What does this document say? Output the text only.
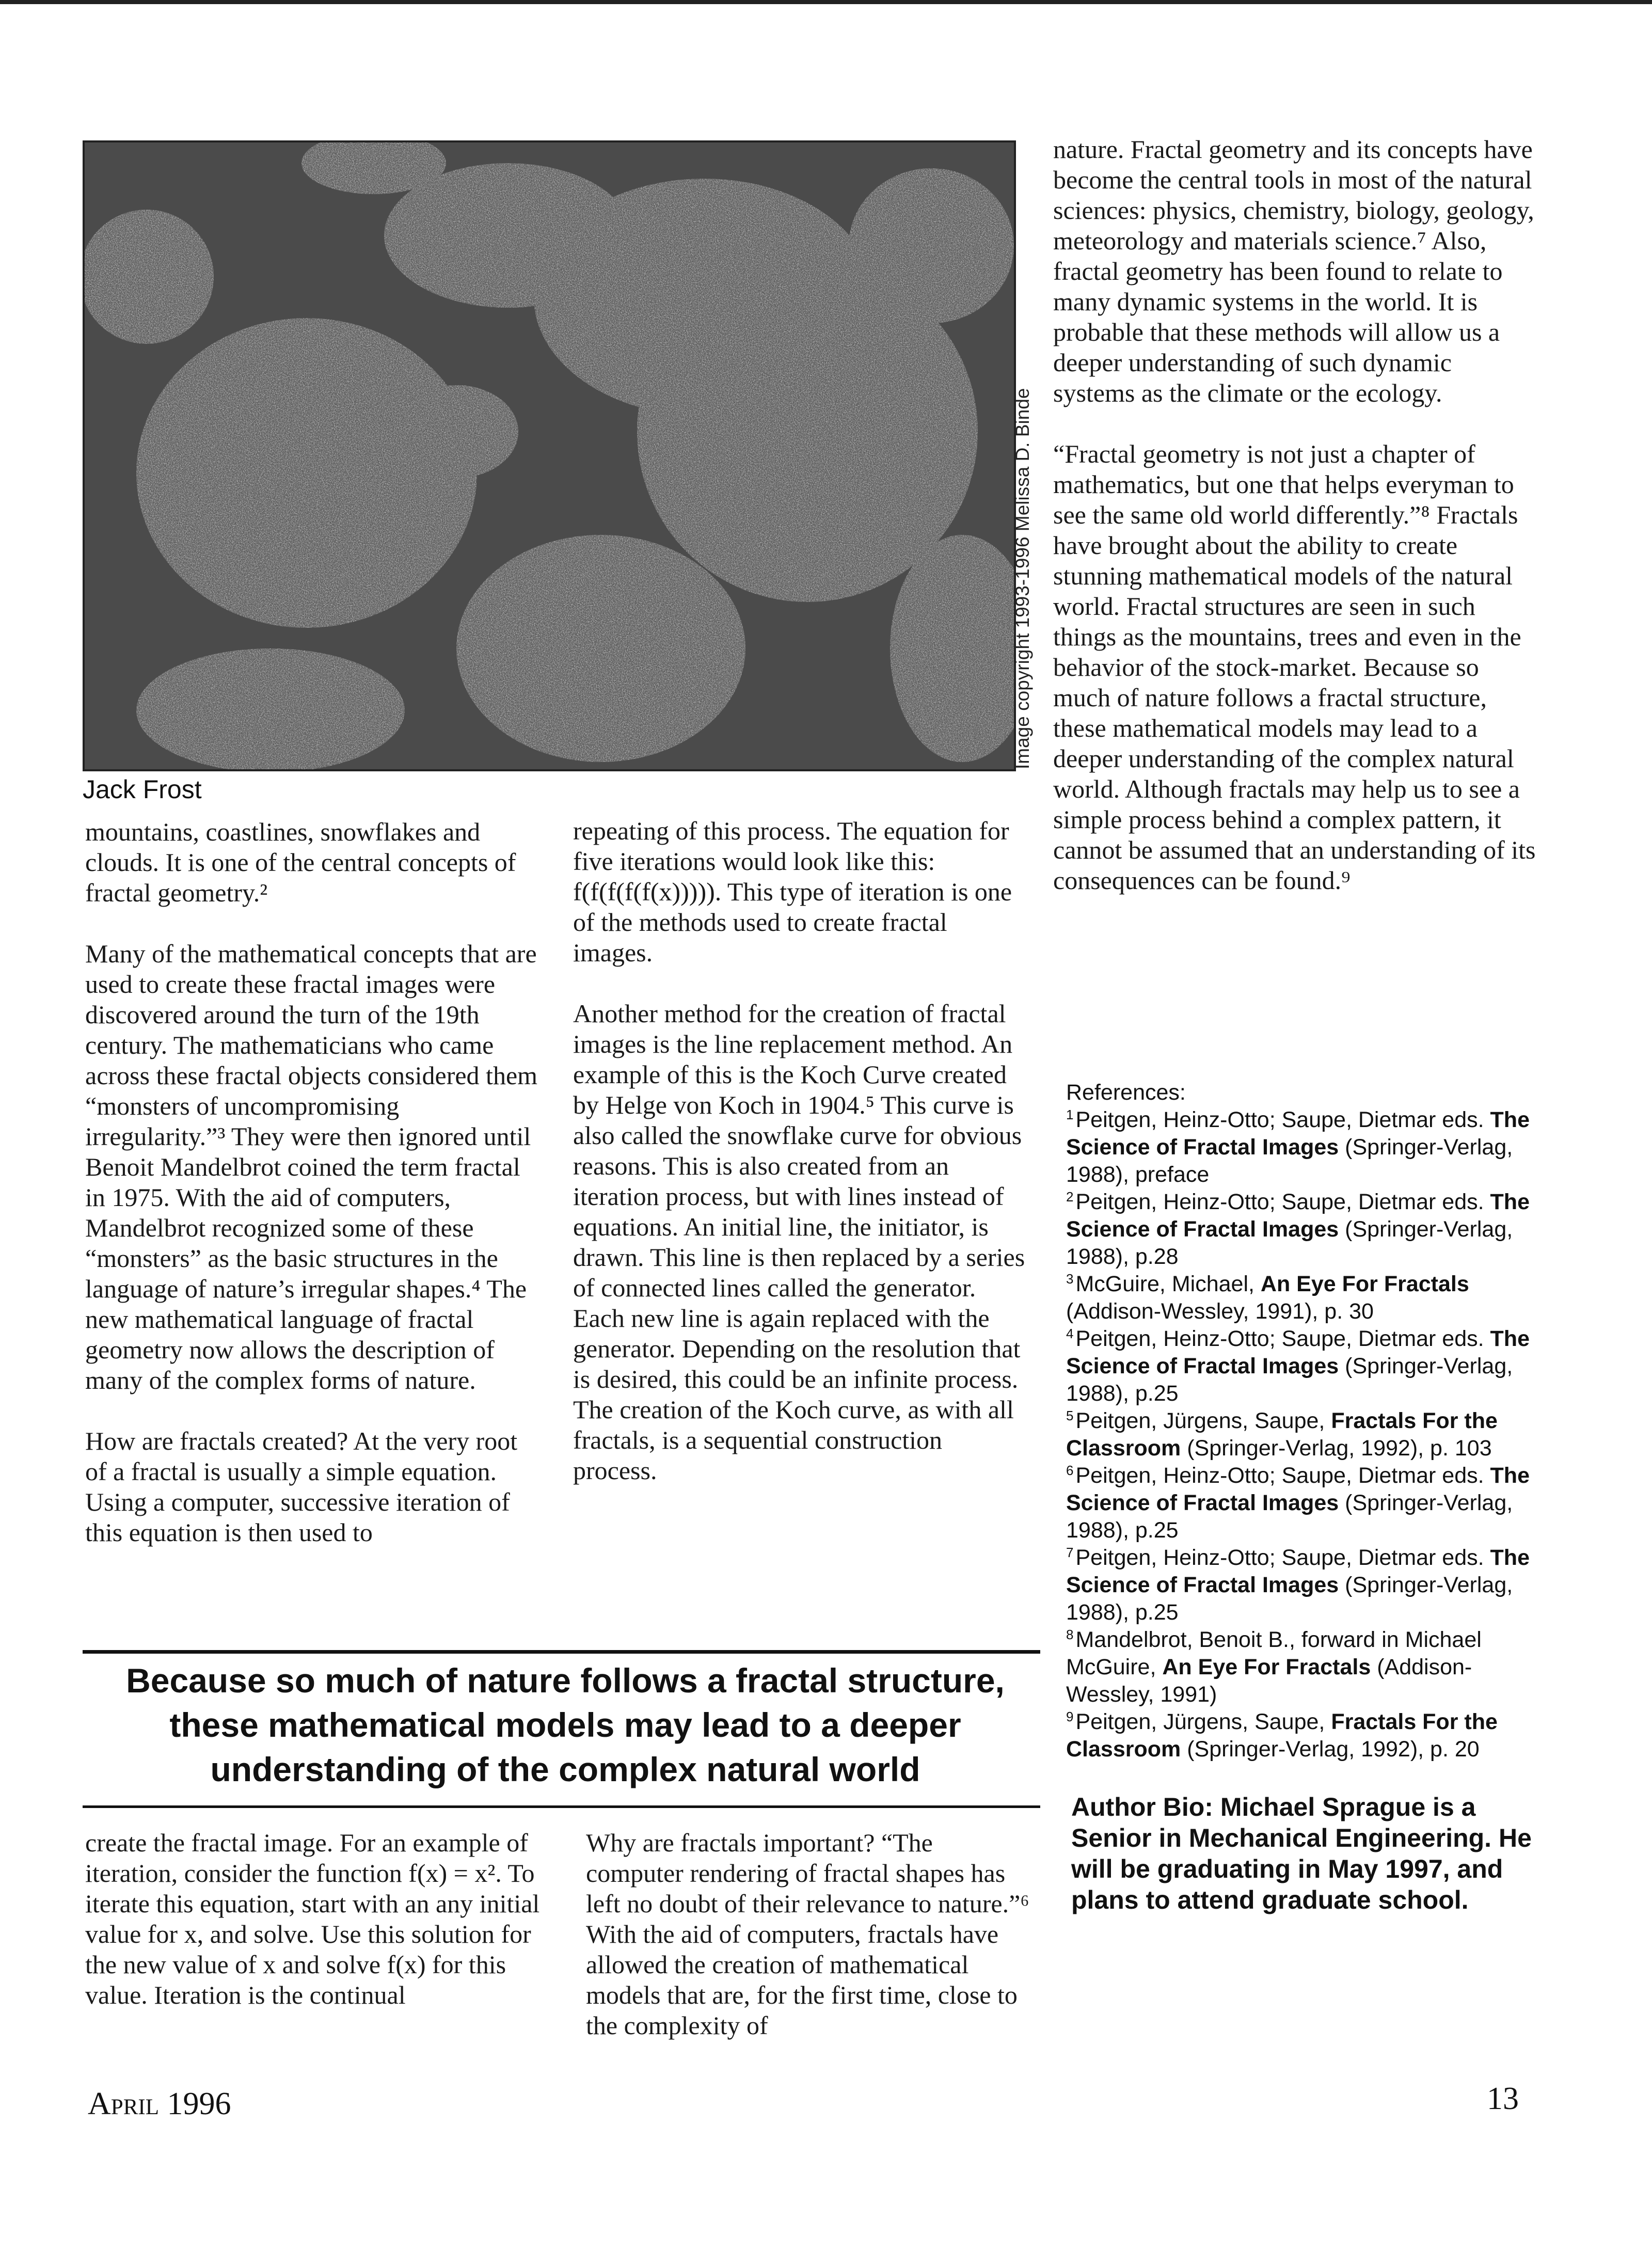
Image copyright 1993-1996 Melissa D. Binde
Jack Frost

mountains, coastlines, snowflakes and clouds. It is one of the central concepts of fractal geometry.²

Many of the mathematical concepts that are used to create these fractal images were discovered around the turn of the 19th century. The mathematicians who came across these fractal objects considered them “monsters of uncompromising irregularity.”³ They were then ignored until Benoit Mandelbrot coined the term fractal in 1975. With the aid of computers, Mandelbrot recognized some of these “monsters” as the basic structures in the language of nature’s irregular shapes.⁴ The new mathematical language of fractal geometry now allows the description of many of the complex forms of nature.

How are fractals created? At the very root of a fractal is usually a simple equation. Using a computer, successive iteration of this equation is then used to

repeating of this process. The equation for five iterations would look like this: f(f(f(f(f(x))))). This type of iteration is one of the methods used to create fractal images.

Another method for the creation of fractal images is the line replacement method. An example of this is the Koch Curve created by Helge von Koch in 1904.⁵ This curve is also called the snowflake curve for obvious reasons. This is also created from an iteration process, but with lines instead of equations. An initial line, the initiator, is drawn. This line is then replaced by a series of connected lines called the generator. Each new line is again replaced with the generator. Depending on the resolution that is desired, this could be an infinite process. The creation of the Koch curve, as with all fractals, is a sequential construction process.

nature. Fractal geometry and its concepts have become the central tools in most of the natural sciences: physics, chemistry, biology, geology, meteorology and materials science.⁷ Also, fractal geometry has been found to relate to many dynamic systems in the world. It is probable that these methods will allow us a deeper understanding of such dynamic systems as the climate or the ecology.

“Fractal geometry is not just a chapter of mathematics, but one that helps everyman to see the same old world differently.”⁸ Fractals have brought about the ability to create stunning mathematical models of the natural world. Fractal structures are seen in such things as the mountains, trees and even in the behavior of the stock-market. Because so much of nature follows a fractal structure, these mathematical models may lead to a deeper understanding of the complex natural world. Although fractals may help us to see a simple process behind a complex pattern, it cannot be assumed that an understanding of its consequences can be found.⁹

References:
$^1$Peitgen, Heinz-Otto; Saupe, Dietmar eds. The Science of Fractal Images (Springer-Verlag, 1988), preface
$^2$Peitgen, Heinz-Otto; Saupe, Dietmar eds. The Science of Fractal Images (Springer-Verlag, 1988), p.28
$^3$McGuire, Michael, An Eye For Fractals (Addison-Wessley, 1991), p. 30
$^4$Peitgen, Heinz-Otto; Saupe, Dietmar eds. The Science of Fractal Images (Springer-Verlag, 1988), p.25
$^5$Peitgen, Jürgens, Saupe, Fractals For the Classroom (Springer-Verlag, 1992), p. 103
$^6$Peitgen, Heinz-Otto; Saupe, Dietmar eds. The Science of Fractal Images (Springer-Verlag, 1988), p.25
$^7$Peitgen, Heinz-Otto; Saupe, Dietmar eds. The Science of Fractal Images (Springer-Verlag, 1988), p.25
$^8$Mandelbrot, Benoit B., forward in Michael McGuire, An Eye For Fractals (Addison-Wessley, 1991)
$^9$Peitgen, Jürgens, Saupe, Fractals For the Classroom (Springer-Verlag, 1992), p. 20
Because so much of nature follows a fractal structure, these mathematical models may lead to a deeper understanding of the complex natural world

create the fractal image. For an example of iteration, consider the function f(x) = x². To iterate this equation, start with an any initial value for x, and solve. Use this solution for the new value of x and solve f(x) for this value. Iteration is the continual

Why are fractals important? “The computer rendering of fractal shapes has left no doubt of their relevance to nature.”⁶ With the aid of computers, fractals have allowed the creation of mathematical models that are, for the first time, close to the complexity of

Author Bio: Michael Sprague is a Senior in Mechanical Engineering. He will be graduating in May 1997, and plans to attend graduate school.
April 1996	13
